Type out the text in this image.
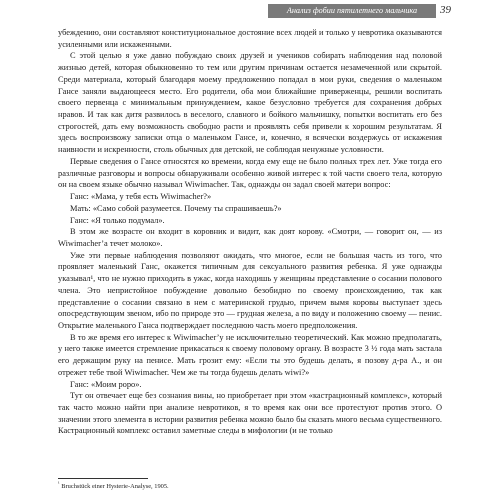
Анализ фобии пятилетнего мальчика	39

убеждению, они составляют конституциональное достояние всех людей и только у невротика оказываются усиленными или искаженными.

С этой целью я уже давно побуждаю своих друзей и учеников собирать наблюдения над половой жизнью детей, которая обыкновенно то тем или другим причинам остается незамеченной или скрытой. Среди материала, который благодаря моему предложению попадал в мои руки, сведения о маленьком Гансе заняли выдающееся место. Его родители, оба мои ближайшие приверженцы, решили воспитать своего первенца с минимальным принуждением, какое безусловно требуется для сохранения добрых нравов. И так как дитя развилось в веселого, славного и бойкого мальчишку, попытки воспитать его без строгостей, дать ему возможность свободно расти и проявлять себя привели к хорошим результатам. Я здесь воспроизвожу записки отца о маленьком Гансе, и, конечно, я всячески воздержусь от искажения наивности и искренности, столь обычных для детской, не соблюдая ненужные условности.

Первые сведения о Гансе относятся ко времени, когда ему еще не было полных трех лет. Уже тогда его различные разговоры и вопросы обнаруживали особенно живой интерес к той части своего тела, которую он на своем языке обычно называл Wiwimacher. Так, однажды он задал своей матери вопрос:

Ганс: «Мама, у тебя есть Wiwimacher?»

Мать: «Само собой разумеется. Почему ты спрашиваешь?»

Ганс: «Я только подумал».

В этом же возрасте он входит в коровник и видит, как доят корову. «Смотри, — говорит он, — из Wiwimacher’а течет молоко».

Уже эти первые наблюдения позволяют ожидать, что многое, если не большая часть из того, что проявляет маленький Ганс, окажется типичным для сексуального развития ребенка. Я уже однажды указывал¹, что не нужно приходить в ужас, когда находишь у женщины представление о сосании полового члена. Это непристойное побуждение довольно безобидно по своему происхождению, так как представление о сосании связано в нем с материнской грудью, причем вымя коровы выступает здесь опосредствующим звеном, ибо по природе это — грудная железа, а по виду и положению своему — пенис. Открытие маленького Ганса подтверждает последнюю часть моего предположения.

В то же время его интерес к Wiwimacher’у не исключительно теоретический. Как можно предполагать, у него также имеется стремление прикасаться к своему половому органу. В возрасте 3 ½ года мать застала его держащим руку на пенисе. Мать грозит ему: «Если ты это будешь делать, я позову д-ра А., и он отрежет тебе твой Wiwimacher. Чем же ты тогда будешь делать wiwi?»

Ганс: «Моим popo».

Тут он отвечает еще без сознания вины, но приобретает при этом «кастрационный комплекс», который так часто можно найти при анализе невротиков, я то время как они все протестуют против этого. О значении этого элемента в истории развития ребенка можно было бы сказать много весьма существенного. Кастрационный комплекс оставил заметные следы в мифологии (и не только

$^{^1}$ Bruchstück einer Hysterie-Analyse, 1905.
